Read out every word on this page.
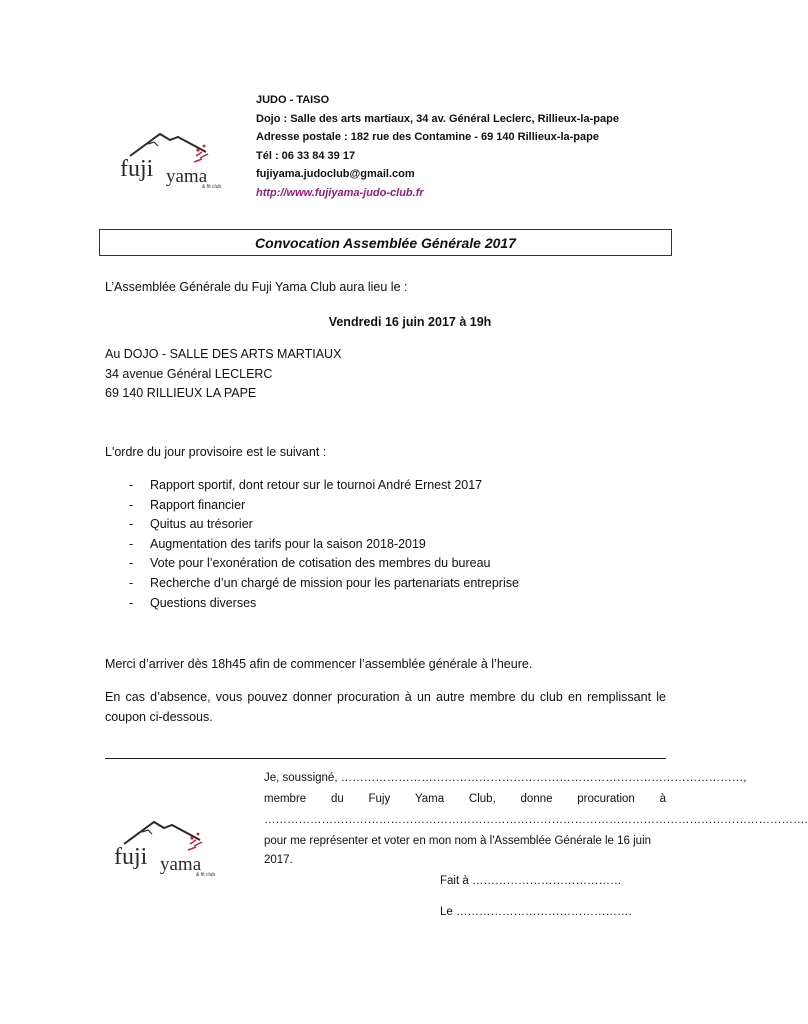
fuji yama
& fit club
JUDO - TAISO
Dojo : Salle des arts martiaux, 34 av. Général Leclerc, Rillieux-la-pape
Adresse postale : 182 rue des Contamine - 69 140 Rillieux-la-pape
Tél : 06 33 84 39 17
fujiyama.judoclub@gmail.com
http://www.fujiyama-judo-club.fr
Convocation Assemblée Générale 2017
L’Assemblée Générale du Fuji Yama Club aura lieu le :
Vendredi 16 juin 2017 à 19h
Au DOJO - SALLE DES ARTS MARTIAUX
34 avenue Général LECLERC
69 140 RILLIEUX LA PAPE
L'ordre du jour provisoire est le suivant :
- Rapport sportif, dont retour sur le tournoi André Ernest 2017
- Rapport financier
- Quitus au trésorier
- Augmentation des tarifs pour la saison 2018-2019
- Vote pour l’exonération de cotisation des membres du bureau
- Recherche d’un chargé de mission pour les partenariats entreprise
- Questions diverses
Merci d’arriver dès 18h45 afin de commencer l’assemblée générale à l’heure.
En cas d’absence, vous pouvez donner procuration à un autre membre du club en remplissant le coupon ci-dessous.
fuji yama
& fit club
Je, soussigné, ……………………………………………………………………………………………,
membre du Fujy Yama Club, donne procuration à
…………………………………………………………………………………………………………………………….
pour me représenter et voter en mon nom à l'Assemblée Générale le 16 juin 2017.
Fait à …………………………………
Le ……………………………………….
